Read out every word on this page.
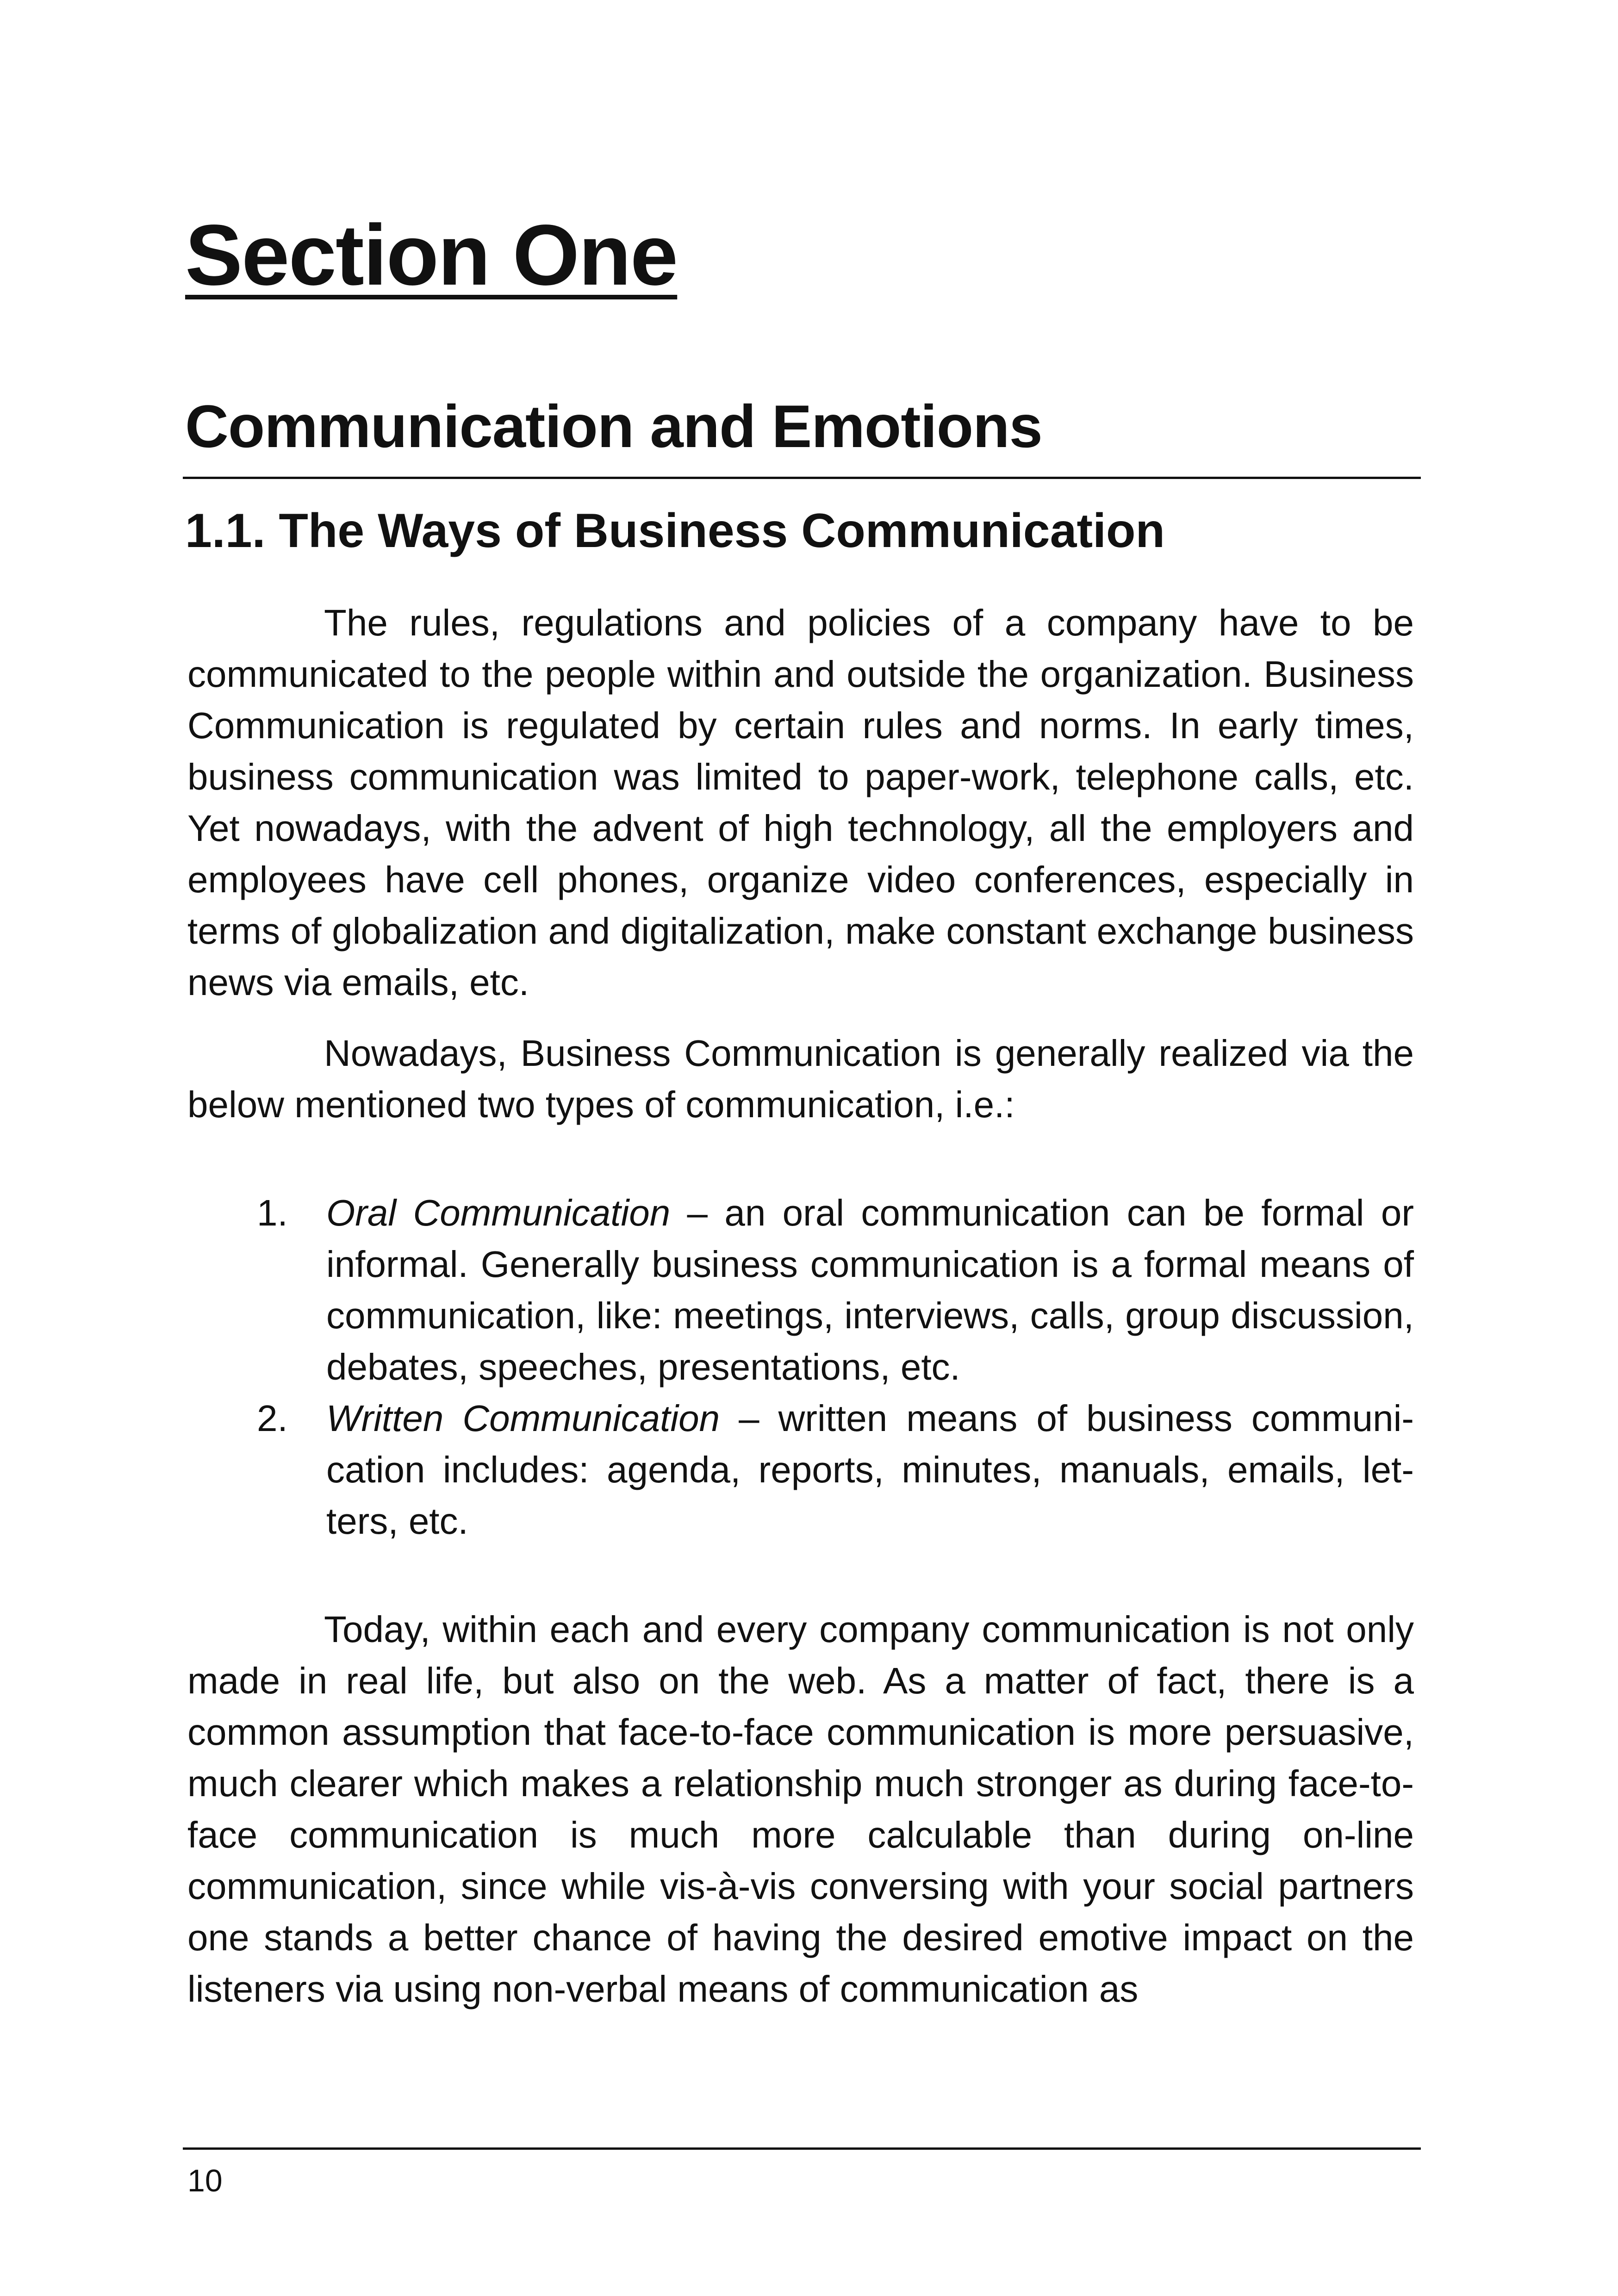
Section One
Communication and Emotions
1.1. The Ways of Business Communication

The rules, regulations and policies of a company have to be communicated to the people within and outside the organization. Business Communication is regulated by certain rules and norms. In early times, business communication was limited to paper-work, telephone calls, etc. Yet nowadays, with the advent of high technology, all the employers and employees have cell phones, organize video conferences, especially in terms of globalization and digitalization, make constant exchange business news via emails, etc.

Nowadays, Business Communication is generally realized via the below mentioned two types of communication, i.e.:

1. Oral Communication – an oral communication can be formal or informal. Generally business communication is a formal means of communication, like: meetings, interviews, calls, group discussion, debates, speeches, presentations, etc.
2. Written Communication – written means of business communication includes: agenda, reports, minutes, manuals, emails, letters, etc.

Today, within each and every company communication is not only made in real life, but also on the web. As a matter of fact, there is a common assumption that face-to-face communication is more persuasive, much clearer which makes a relationship much stronger as during face-to-face communication is much more calculable than during on-line communication, since while vis-à-vis conversing with your social partners one stands a better chance of having the desired emotive impact on the listeners via using non-verbal means of communication as

10
